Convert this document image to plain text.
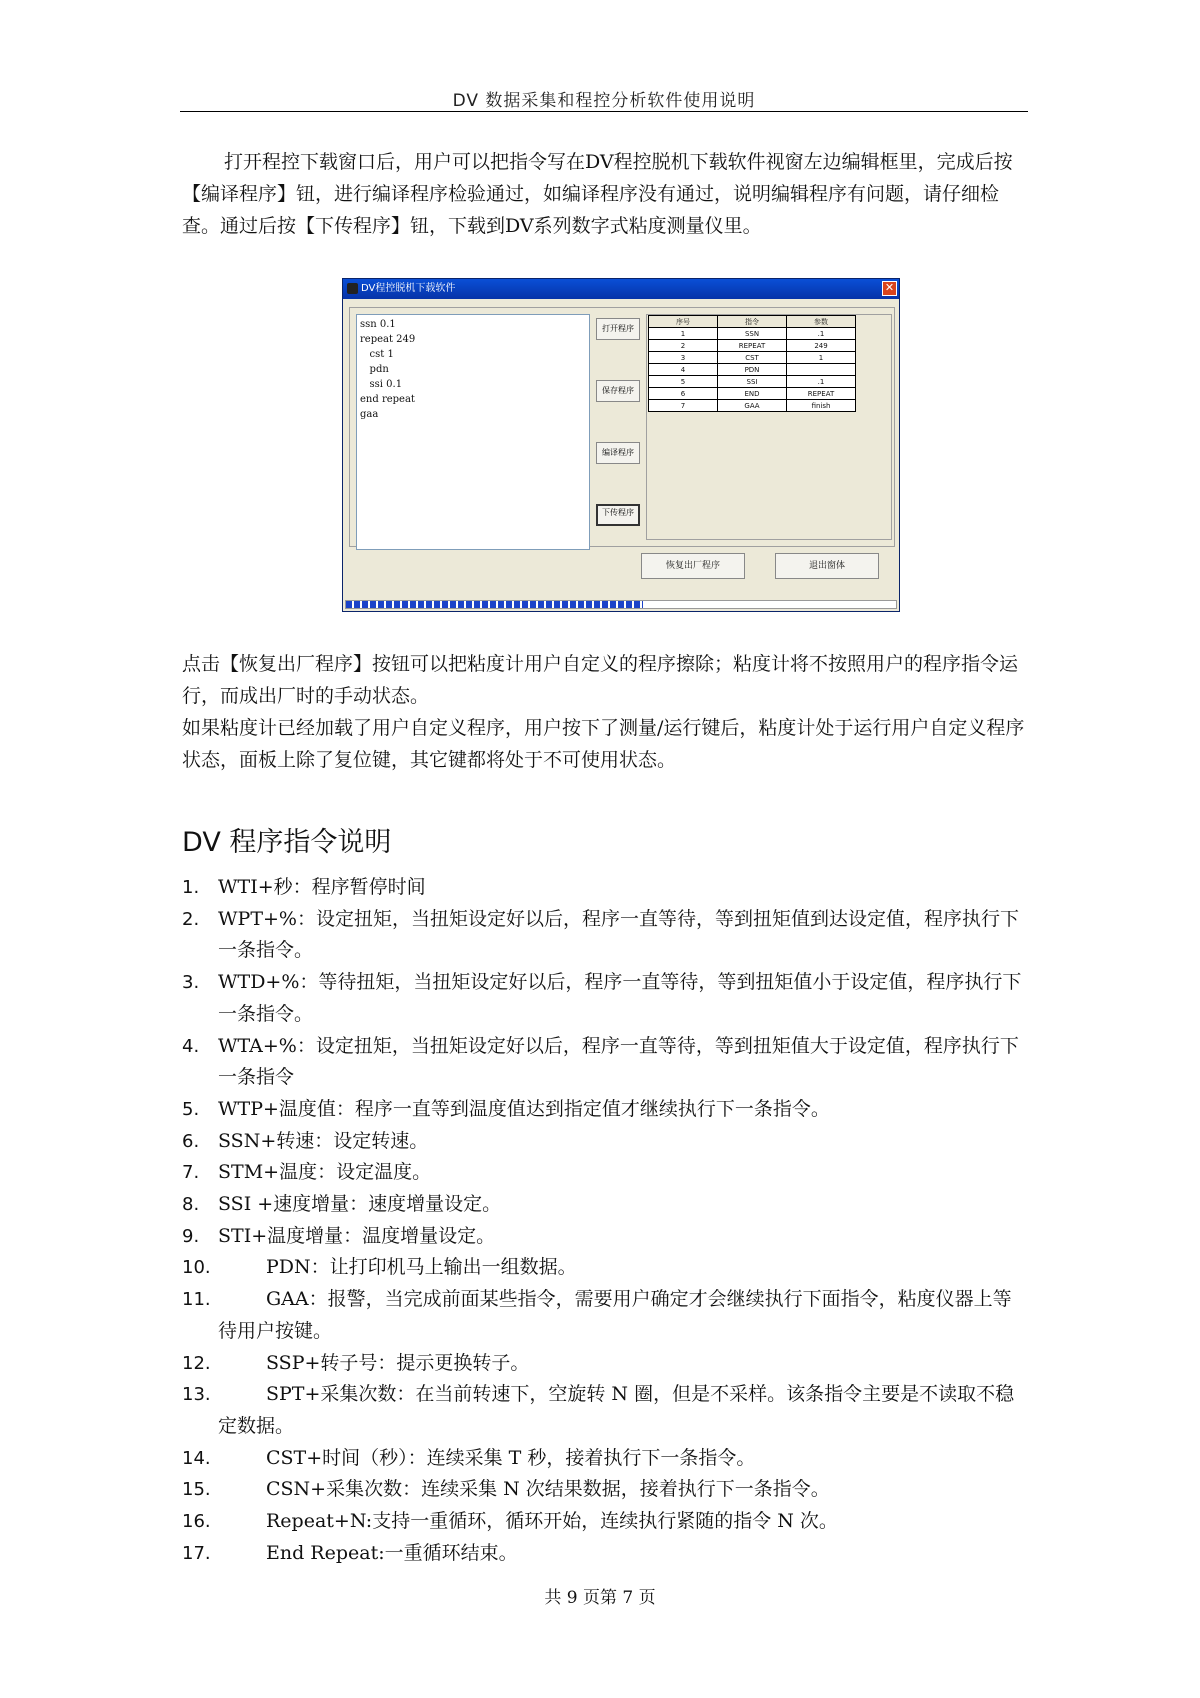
DV 数据采集和程控分析软件使用说明
打开程控下载窗口后，用户可以把指令写在DV程控脱机下载软件视窗左边编辑框里，完成后按【编译程序】钮，进行编译程序检验通过，如编译程序没有通过，说明编辑程序有问题，请仔细检查。通过后按【下传程序】钮，下载到DV系列数字式粘度测量仪里。
DV程控脱机下载软件	✕
ssn 0.1
repeat 249
cst 1
pdn
ssi 0.1
end repeat
gaa
打开程序
保存程序
编译程序
下传程序
序号	指令	参数
1	SSN	.1
2	REPEAT	249
3	CST	1
4	PDN	
5	SSI	.1
6	END	REPEAT
7	GAA	finish
恢复出厂程序	退出窗体
点击【恢复出厂程序】按钮可以把粘度计用户自定义的程序擦除；粘度计将不按照用户的程序指令运行，而成出厂时的手动状态。
如果粘度计已经加载了用户自定义程序，用户按下了测量/运行键后，粘度计处于运行用户自定义程序状态，面板上除了复位键，其它键都将处于不可使用状态。
DV 程序指令说明
1. WTI+秒：程序暂停时间
2. WPT+%：设定扭矩，当扭矩设定好以后，程序一直等待，等到扭矩值到达设定值，程序执行下一条指令。
3. WTD+%：等待扭矩，当扭矩设定好以后，程序一直等待，等到扭矩值小于设定值，程序执行下一条指令。
4. WTA+%：设定扭矩，当扭矩设定好以后，程序一直等待，等到扭矩值大于设定值，程序执行下一条指令
5. WTP+温度值：程序一直等到温度值达到指定值才继续执行下一条指令。
6. SSN+转速：设定转速。
7. STM+温度：设定温度。
8. SSI +速度增量：速度增量设定。
9. STI+温度增量：温度增量设定。
10.	PDN：让打印机马上输出一组数据。
11.	GAA：报警，当完成前面某些指令，需要用户确定才会继续执行下面指令，粘度仪器上等待用户按键。
12.	SSP+转子号：提示更换转子。
13.	SPT+采集次数：在当前转速下，空旋转 N 圈，但是不采样。该条指令主要是不读取不稳定数据。
14.	CST+时间（秒）：连续采集 T 秒，接着执行下一条指令。
15.	CSN+采集次数：连续采集 N 次结果数据，接着执行下一条指令。
16.	Repeat+N:支持一重循环，循环开始，连续执行紧随的指令 N 次。
17.	End Repeat:一重循环结束。
共 9 页第 7 页
